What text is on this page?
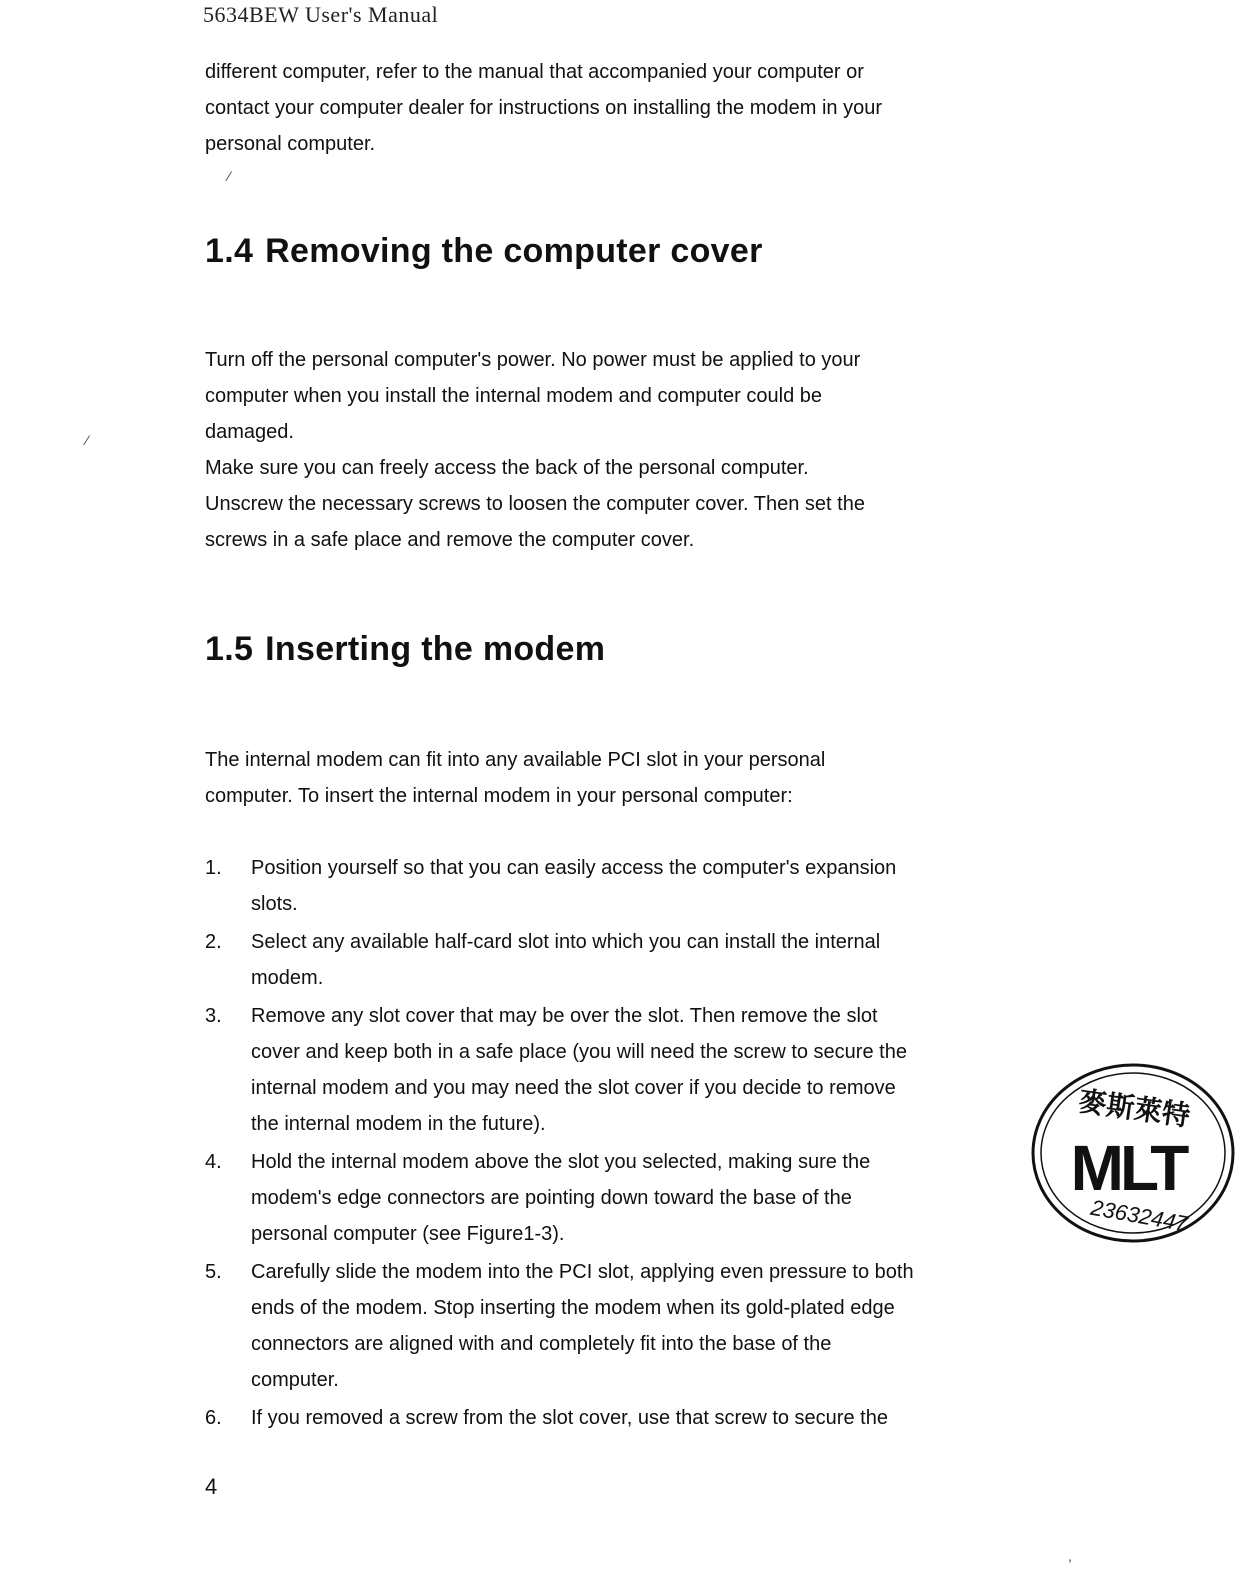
5634BEW User's Manual

different computer, refer to the manual that accompanied your computer or
contact your computer dealer for instructions on installing the modem in your
personal computer.

1.4 Removing the computer cover

Turn off the personal computer's power. No power must be applied to your
computer when you install the internal modem and computer could be
damaged.
Make sure you can freely access the back of the personal computer.
Unscrew the necessary screws to loosen the computer cover. Then set the
screws in a safe place and remove the computer cover.

1.5 Inserting the modem

The internal modem can fit into any available PCI slot in your personal
computer. To insert the internal modem in your personal computer:

1.	Position yourself so that you can easily access the computer's expansion
slots.
2.	Select any available half-card slot into which you can install the internal
modem.
3.	Remove any slot cover that may be over the slot. Then remove the slot
cover and keep both in a safe place (you will need the screw to secure the
internal modem and you may need the slot cover if you decide to remove
the internal modem in the future).
4.	Hold the internal modem above the slot you selected, making sure the
modem's edge connectors are pointing down toward the base of the
personal computer (see Figure1-3).
5.	Carefully slide the modem into the PCI slot, applying even pressure to both
ends of the modem. Stop inserting the modem when its gold-plated edge
connectors are aligned with and completely fit into the base of the
computer.
6.	If you removed a screw from the slot cover, use that screw to secure the
4
麥斯萊特
MLT
23632447
⁄
⁄
,
